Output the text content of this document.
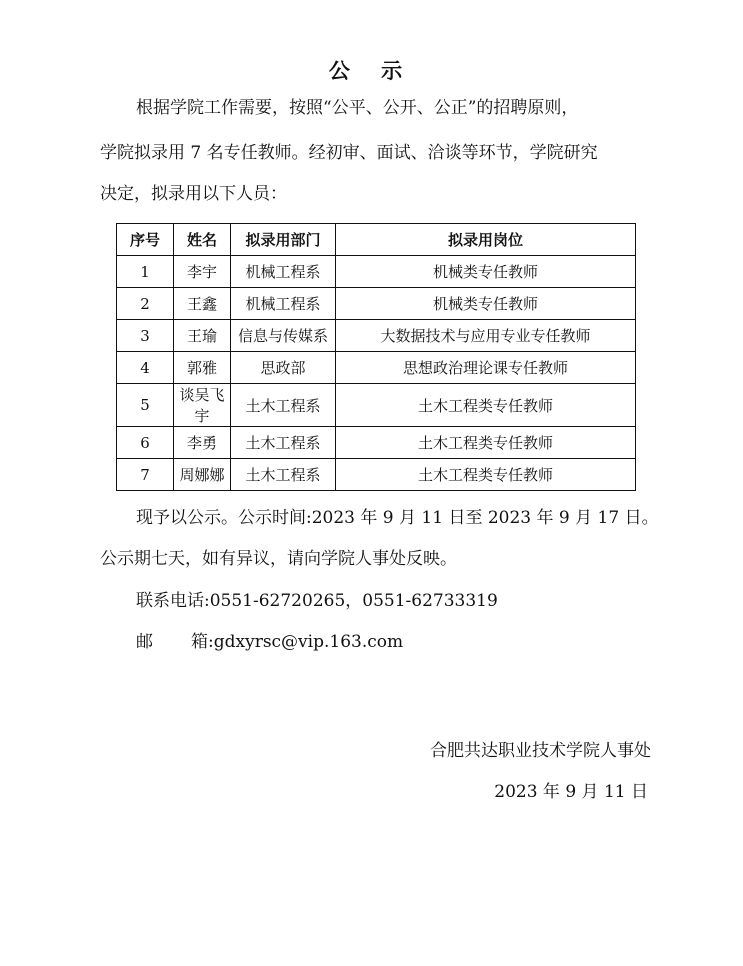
公 示
根据学院工作需要，按照“公平、公开、公正”的招聘原则，
学院拟录用 7 名专任教师。经初审、面试、洽谈等环节，学院研究
决定，拟录用以下人员：
序号	姓名	拟录用部门	拟录用岗位
1	李宇	机械工程系	机械类专任教师
2	王鑫	机械工程系	机械类专任教师
3	王瑜	信息与传媒系	大数据技术与应用专业专任教师
4	郭雅	思政部	思想政治理论课专任教师
5	谈吴飞宇	土木工程系	土木工程类专任教师
6	李勇	土木工程系	土木工程类专任教师
7	周娜娜	土木工程系	土木工程类专任教师
现予以公示。公示时间:2023 年 9 月 11 日至 2023 年 9 月 17 日。
公示期七天，如有异议，请向学院人事处反映。
联系电话:0551-62720265，0551-62733319
邮 箱:gdxyrsc@vip.163.com
合肥共达职业技术学院人事处
2023 年 9 月 11 日
